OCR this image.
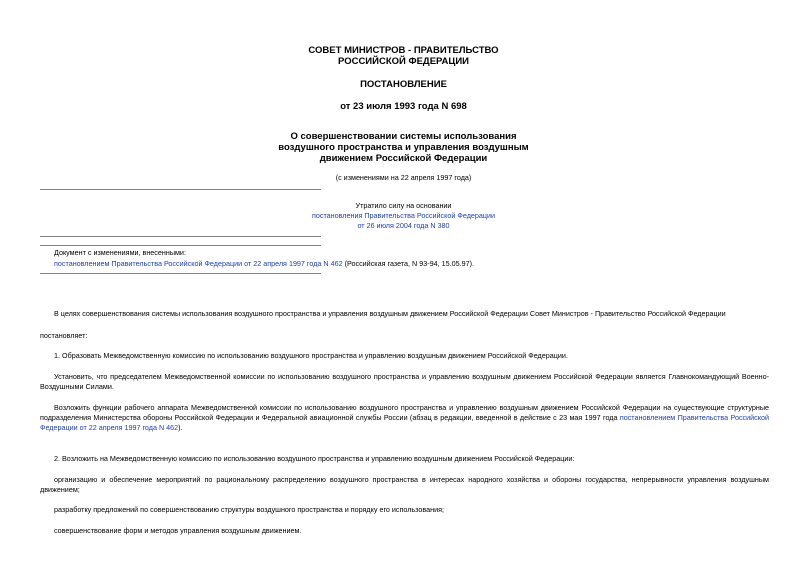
СОВЕТ МИНИСТРОВ - ПРАВИТЕЛЬСТВО
РОССИЙСКОЙ ФЕДЕРАЦИИ
ПОСТАНОВЛЕНИЕ
от 23 июля 1993 года N 698
О совершенствовании системы использования
воздушного пространства и управления воздушным
движением Российской Федерации
(с изменениями на 22 апреля 1997 года)
Утратило силу на основании
постановления Правительства Российской Федерации
от 26 июля 2004 года N 380
Документ с изменениями, внесенными:
постановлением Правительства Российской Федерации от 22 апреля 1997 года N 462 (Российская газета, N 93-94, 15.05.97).
В целях совершенствования системы использования воздушного пространства и управления воздушным движением Российской Федерации Совет Министров - Правительство Российской Федерации
постановляет:
1. Образовать Межведомственную комиссию по использованию воздушного пространства и управлению воздушным движением Российской Федерации.
Установить, что председателем Межведомственной комиссии по использованию воздушного пространства и управлению воздушным движением Российской Федерации является Главнокомандующий Военно-Воздушными Силами.
Возложить функции рабочего аппарата Межведомственной комиссии по использованию воздушного пространства и управлению воздушным движением Российской Федерации на существующие структурные подразделения Министерства обороны Российской Федерации и Федеральной авиационной службы России (абзац в редакции, введенной в действие с 23 мая 1997 года постановлением Правительства Российской Федерации от 22 апреля 1997 года N 462).
2. Возложить на Межведомственную комиссию по использованию воздушного пространства и управлению воздушным движением Российской Федерации:
организацию и обеспечение мероприятий по рациональному распределению воздушного пространства в интересах народного хозяйства и обороны государства, непрерывности управления воздушным движением;
разработку предложений по совершенствованию структуры воздушного пространства и порядку его использования;
совершенствование форм и методов управления воздушным движением.
